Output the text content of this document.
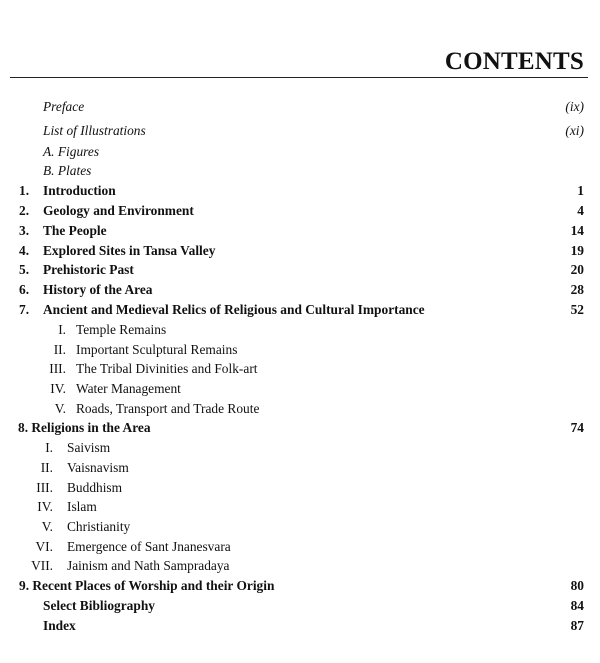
CONTENTS
Preface	(ix)
List of Illustrations	(xi)
A. Figures
B. Plates
1. Introduction	1
2. Geology and Environment	4
3. The People	14
4. Explored Sites in Tansa Valley	19
5. Prehistoric Past	20
6. History of the Area	28
7. Ancient and Medieval Relics of Religious and Cultural Importance	52
I. Temple Remains
II. Important Sculptural Remains
III. The Tribal Divinities and Folk-art
IV. Water Management
V. Roads, Transport and Trade Route
8. Religions in the Area	74
I. Saivism
II. Vaisnavism
III. Buddhism
IV. Islam
V. Christianity
VI. Emergence of Sant Jnanesvara
VII. Jainism and Nath Sampradaya
9. Recent Places of Worship and their Origin	80
Select Bibliography	84
Index	87
